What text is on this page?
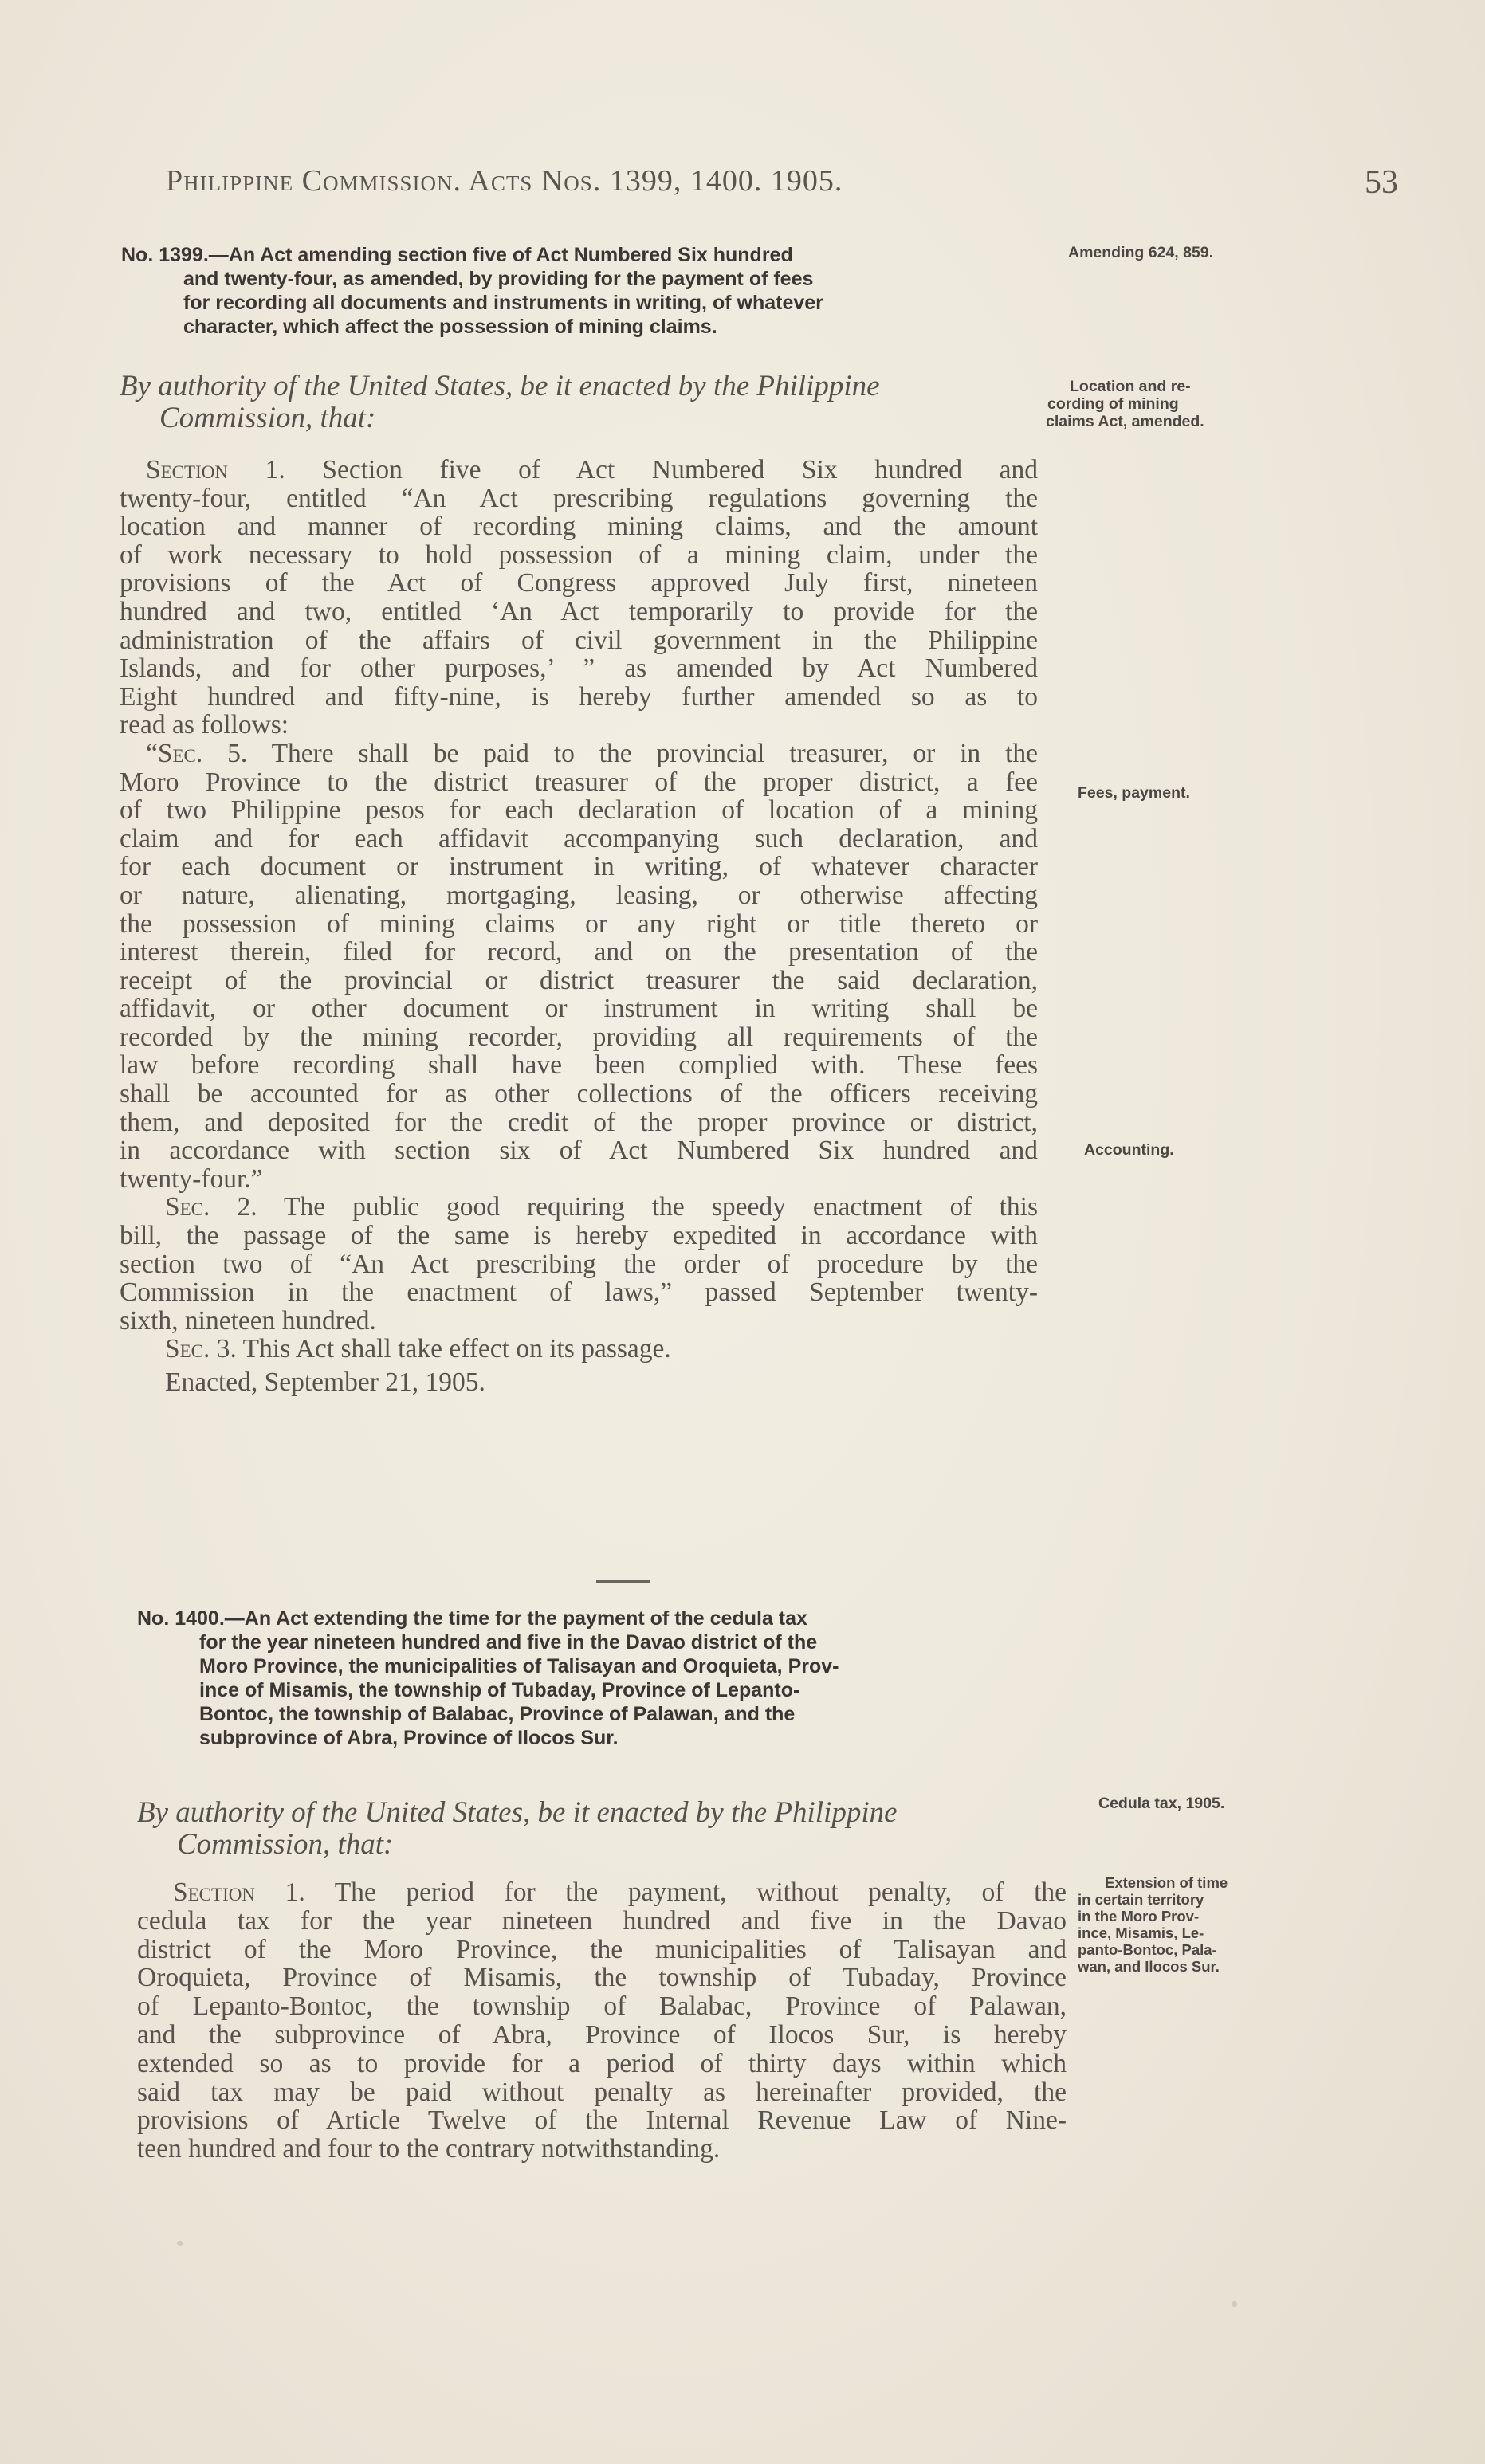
Philippine Commission. Acts Nos. 1399, 1400. 1905.	53
No. 1399.—An Act amending section five of Act Numbered Six hundred
and twenty-four, as amended, by providing for the payment of fees
for recording all documents and instruments in writing, of whatever
character, which affect the possession of mining claims.
Amending 624, 859.
Location and re-
cording of mining
claims Act, amended.
Fees, payment.
Accounting.
By authority of the United States, be it enacted by the Philippine
Commission, that:
Section 1. Section five of Act Numbered Six hundred and
twenty-four, entitled “An Act prescribing regulations governing the
location and manner of recording mining claims, and the amount
of work necessary to hold possession of a mining claim, under the
provisions of the Act of Congress approved July first, nineteen
hundred and two, entitled ‘An Act temporarily to provide for the
administration of the affairs of civil government in the Philippine
Islands, and for other purposes,’ ” as amended by Act Numbered
Eight hundred and fifty-nine, is hereby further amended so as to
read as follows:
“Sec. 5. There shall be paid to the provincial treasurer, or in the
Moro Province to the district treasurer of the proper district, a fee
of two Philippine pesos for each declaration of location of a mining
claim and for each affidavit accompanying such declaration, and
for each document or instrument in writing, of whatever character
or nature, alienating, mortgaging, leasing, or otherwise affecting
the possession of mining claims or any right or title thereto or
interest therein, filed for record, and on the presentation of the
receipt of the provincial or district treasurer the said declaration,
affidavit, or other document or instrument in writing shall be
recorded by the mining recorder, providing all requirements of the
law before recording shall have been complied with. These fees
shall be accounted for as other collections of the officers receiving
them, and deposited for the credit of the proper province or district,
in accordance with section six of Act Numbered Six hundred and
twenty-four.”
Sec. 2. The public good requiring the speedy enactment of this
bill, the passage of the same is hereby expedited in accordance with
section two of “An Act prescribing the order of procedure by the
Commission in the enactment of laws,” passed September twenty-
sixth, nineteen hundred.
Sec. 3. This Act shall take effect on its passage.
Enacted, September 21, 1905.
No. 1400.—An Act extending the time for the payment of the cedula tax
for the year nineteen hundred and five in the Davao district of the
Moro Province, the municipalities of Talisayan and Oroquieta, Prov-
ince of Misamis, the township of Tubaday, Province of Lepanto-
Bontoc, the township of Balabac, Province of Palawan, and the
subprovince of Abra, Province of Ilocos Sur.
Cedula tax, 1905.
Extension of time
in certain territory
in the Moro Prov-
ince, Misamis, Le-
panto-Bontoc, Pala-
wan, and Ilocos Sur.
By authority of the United States, be it enacted by the Philippine
Commission, that:
Section 1. The period for the payment, without penalty, of the
cedula tax for the year nineteen hundred and five in the Davao
district of the Moro Province, the municipalities of Talisayan and
Oroquieta, Province of Misamis, the township of Tubaday, Province
of Lepanto-Bontoc, the township of Balabac, Province of Palawan,
and the subprovince of Abra, Province of Ilocos Sur, is hereby
extended so as to provide for a period of thirty days within which
said tax may be paid without penalty as hereinafter provided, the
provisions of Article Twelve of the Internal Revenue Law of Nine-
teen hundred and four to the contrary notwithstanding.
